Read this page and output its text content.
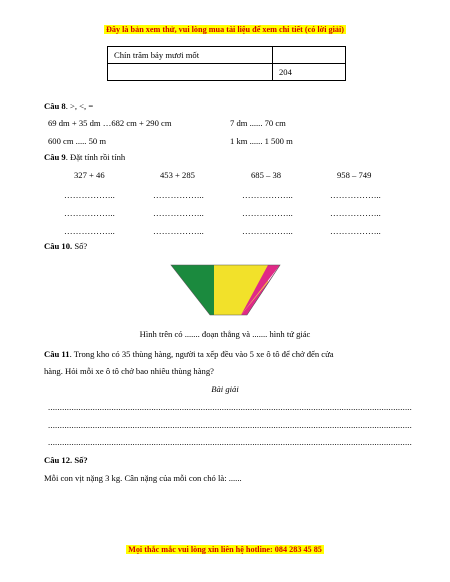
Đây là bản xem thử, vui lòng mua tài liệu để xem chi tiết (có lời giải)
Chín trăm bảy mươi mốt	
	204
Câu 8. >, <, =
69 dm + 35 dm …682 cm + 290 cm	7 dm ...... 70 cm
600 cm ..... 50 m	1 km ...... 1 500 m
Câu 9. Đặt tính rồi tính
327 + 46	453 + 285	685 – 38	958 – 749
……………...	……………...	……………...	……………...
……………...	……………...	……………...	……………...
……………...	……………...	……………...	……………...
Câu 10. Số?
Hình trên có ....... đoạn thẳng và ....... hình tứ giác
Câu 11. Trong kho có 35 thùng hàng, người ta xếp đều vào 5 xe ô tô để chở đến cửa
hàng. Hỏi mỗi xe ô tô chở bao nhiêu thùng hàng?
Bài giải
...........................................................................................................................................................
...........................................................................................................................................................
...........................................................................................................................................................
Câu 12. Số?
Mỗi con vịt nặng 3 kg. Cân nặng của mỗi con chó là: ......
Mọi thắc mắc vui lòng xin liên hệ hotline: 084 283 45 85
